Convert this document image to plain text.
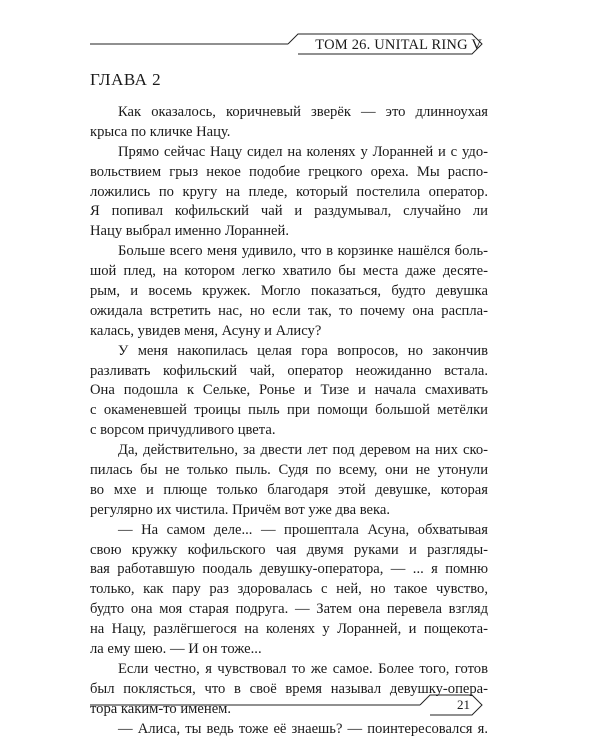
ТОМ 26. UNITAL RING V
ГЛАВА 2
Как оказалось, коричневый зверёк — это длинноухая
крыса по кличке Нацу.
Прямо сейчас Нацу сидел на коленях у Лоранней и с удо-
вольствием грыз некое подобие грецкого ореха. Мы распо-
ложились по кругу на пледе, который постелила оператор.
Я попивал кофильский чай и раздумывал, случайно ли
Нацу выбрал именно Лоранней.
Больше всего меня удивило, что в корзинке нашёлся боль-
шой плед, на котором легко хватило бы места даже десяте-
рым, и восемь кружек. Могло показаться, будто девушка
ожидала встретить нас, но если так, то почему она распла-
калась, увидев меня, Асуну и Алису?
У меня накопилась целая гора вопросов, но закончив
разливать кофильский чай, оператор неожиданно встала.
Она подошла к Сельке, Ронье и Тизе и начала смахивать
с окаменевшей троицы пыль при помощи большой метёлки
с ворсом причудливого цвета.
Да, действительно, за двести лет под деревом на них ско-
пилась бы не только пыль. Судя по всему, они не утонули
во мхе и плюще только благодаря этой девушке, которая
регулярно их чистила. Причём вот уже два века.
— На самом деле... — прошептала Асуна, обхватывая
свою кружку кофильского чая двумя руками и разгляды-
вая работавшую поодаль девушку-оператора, — ... я помню
только, как пару раз здоровалась с ней, но такое чувство,
будто она моя старая подруга. — Затем она перевела взгляд
на Нацу, разлёгшегося на коленях у Лоранней, и пощекота-
ла ему шею. — И он тоже...
Если честно, я чувствовал то же самое. Более того, готов
был поклясться, что в своё время называл девушку-опера-
тора каким-то именем.
— Алиса, ты ведь тоже её знаешь? — поинтересовался я.
21
